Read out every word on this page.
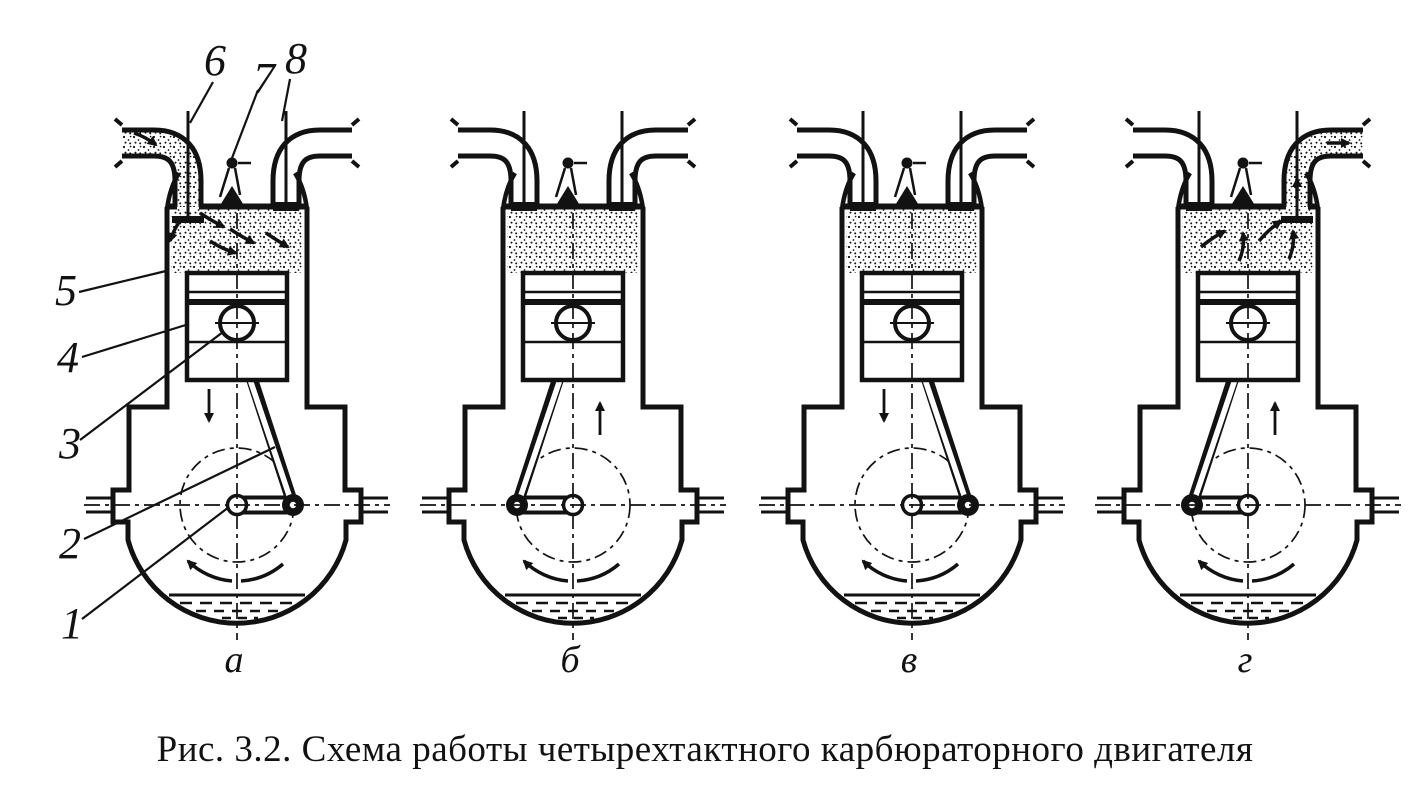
а	б	в	г
5
4
3
2
1
6 7 8
Рис. 3.2. Схема работы четырехтактного карбюраторного двигателя
